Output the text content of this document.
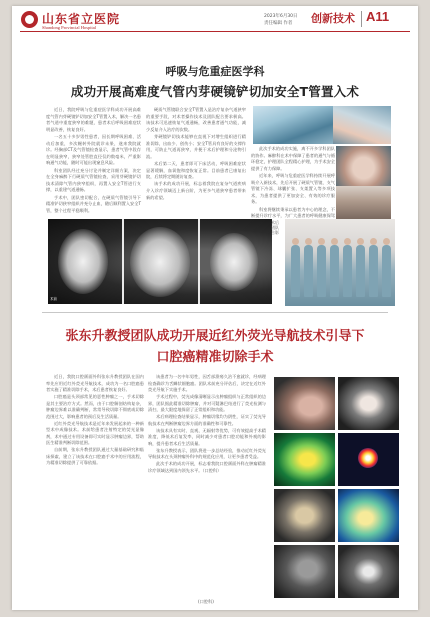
山东省立医院
Shandong Provincial Hospital
2023年6月30日
责任编辑 作者 创新技术 A11
呼吸与危重症医学科
成功开展高难度气管内芽硬镜铲切加安全T管置入术

近日，我院呼吸与危重症医学科成功开展高难度气管内芽硬镜铲切加安全T管置入术，解决一名患者气道中重度狭窄的难题，患者术后呼吸困难症状明显改善，恢复良好。

一名五十多岁男性患者，因长期呼吸困难、活动后加重，多次辗转外院就诊未果，遂来我院就诊。经胸部CT及气管镜检查显示，患者气管中段存在明显狭窄，狭窄处管腔直径仅约数毫米，严重影响通气功能，随时可能出现窒息风险。

科室团队经过充分讨论并制定详细方案，决定在全身麻醉下行硬质气管镜检查，采用芽硬镜铲切技术清除气管内狭窄组织，再置入安全T管进行支撑，以重建气道通畅。

手术中，团队密切配合，在硬质气管镜引导下精准铲切狭窄组织并充分止血，随后顺利置入安全T管，整个过程平稳顺利。

硬质气管镜联合安全T管置入是治疗复杂气道狭窄的重要手段，对术者操作技术及团队配合要求极高。该技术可迅速恢复气道通畅，改善患者通气功能，减少反复介入治疗的次数。

芽硬镜铲切技术能够在直视下对增生组织进行精准切除，出血少、创伤小；安全T管具有良好的支撑作用，可防止气道再狭窄，并便于术后护理和分泌物引流。

术后第二天，患者即可下床活动，呼吸困难症状显著缓解，血氧饱和度恢复正常。目前患者已康复出院，后续将定期随访复查。

该手术的成功开展，标志着我院在复杂气道疾病介入诊疗领域迈上新台阶，为更多气道狭窄患者带来新的希望。

此次手术的成功实施，离不开多学科团队的协作。麻醉科在术中保障了患者的通气与循环稳定，护理团队全程精心护理，为手术安全提供了有力保障。

近年来，呼吸与危重症医学科持续开展呼吸介入新技术，先后开展了硬质气管镜、支气管镜下冷冻、球囊扩张、支架置入等多项技术，为患者提供了更加安全、有效的诊疗服务。

科室将继续秉承以患者为中心的理念，不断提升诊疗水平，为广大患者的呼吸健康保驾

术前
术后团队合影
张东升教授团队成功开展近红外荧光导航技术引导下
口腔癌精准切除手术

近日，我院口腔颌面外科张东升教授团队在国内率先应用近红外荧光导航技术，成功为一名口腔癌患者实施了精准切除手术，术后患者恢复良好。

口腔癌是头颈部常见的恶性肿瘤之一，手术切除是其主要治疗方式。然而，由于口腔解剖结构复杂，肿瘤边界难以准确判断，常常导致切除不彻底或切除范围过大，影响患者的预后及生活质量。

近红外荧光导航技术是近年来发展起来的一种新型术中成像技术。术前给患者注射特定的荧光显像剂，术中通过专用设备即可实时显示肿瘤边界，帮助医生精准判断切除范围。

自前期，张东升教授团队通过大量基础研究和临床探索，建立了该技术在口腔癌手术中的应用流程，为精准切除提供了可靠依据。

该患者为一名中年男性，因舌部溃疡久治不愈就诊，经病理检查确诊为舌鳞状细胞癌。团队术前充分评估后，决定在近红外荧光导航下实施手术。

手术过程中，荧光成像清晰显示出肿瘤组织与正常组织的边界，团队据此精准切除肿瘤，并对可疑淋巴结进行了荧光检测与清扫，最大限度地保留了正常组织和功能。

术后病理检查结果显示，肿瘤切缘均为阴性，证实了荧光导航技术在判断肿瘤边界方面的准确性和可靠性。

该技术具有实时、直观、无辐射等优势，可有效提高手术精准度，降低术后复发率，同时减少对患者口腔功能和外观的影响，提升患者术后生活质量。

张东升教授表示，团队将进一步总结经验，推动近红外荧光导航技术在头颈肿瘤外科中的规范化应用，让更多患者受益。

此次手术的成功开展，标志着我院口腔颌面外科在肿瘤精准诊疗领域达到国内领先水平。（口腔科）

(口腔科)
